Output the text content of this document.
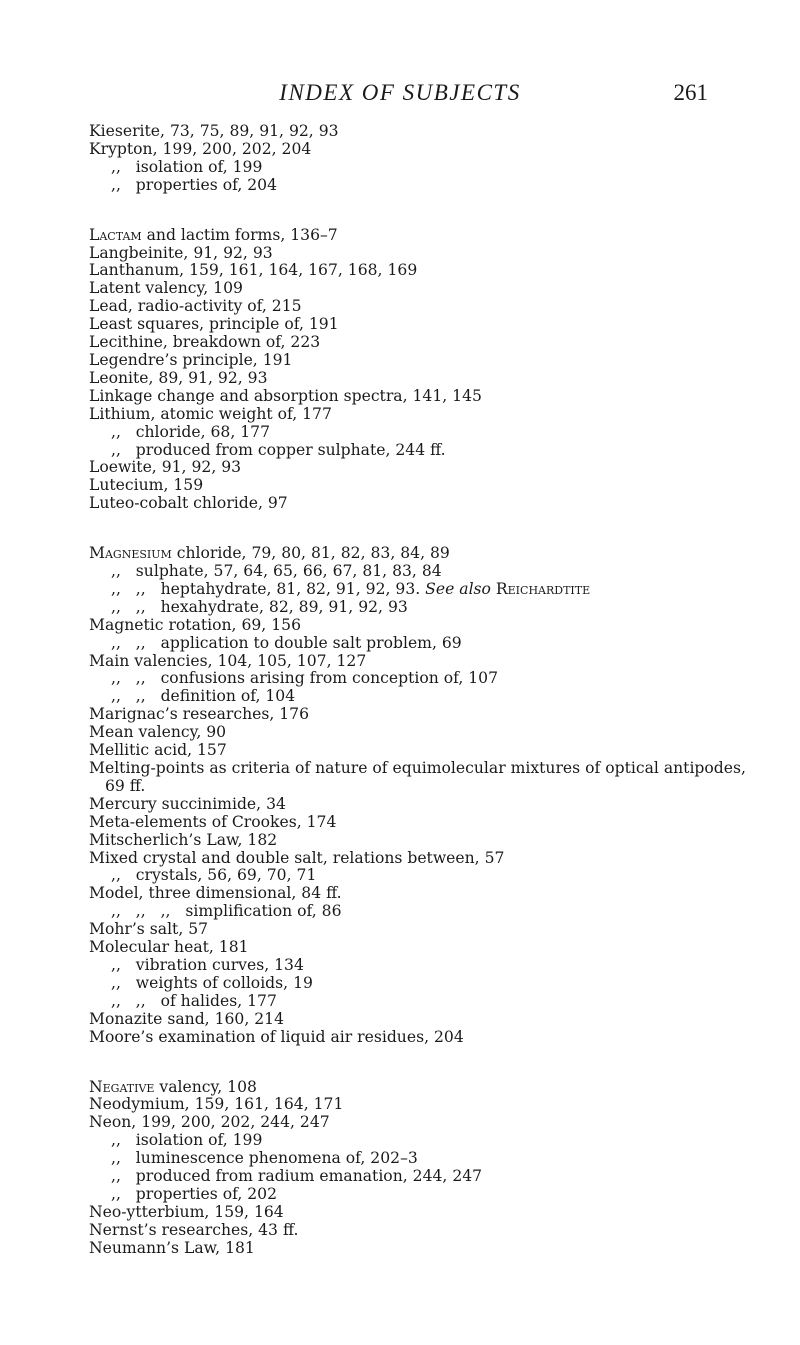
INDEX OF SUBJECTS	261
Kieserite, 73, 75, 89, 91, 92, 93
Krypton, 199, 200, 202, 204
,,   isolation of, 199
,,   properties of, 204
Lactam and lactim forms, 136–7
Langbeinite, 91, 92, 93
Lanthanum, 159, 161, 164, 167, 168, 169
Latent valency, 109
Lead, radio-activity of, 215
Least squares, principle of, 191
Lecithine, breakdown of, 223
Legendre’s principle, 191
Leonite, 89, 91, 92, 93
Linkage change and absorption spectra, 141, 145
Lithium, atomic weight of, 177
,,   chloride, 68, 177
,,   produced from copper sulphate, 244 ff.
Loewite, 91, 92, 93
Lutecium, 159
Luteo-cobalt chloride, 97
Magnesium chloride, 79, 80, 81, 82, 83, 84, 89
,,   sulphate, 57, 64, 65, 66, 67, 81, 83, 84
,,   ,,   heptahydrate, 81, 82, 91, 92, 93. See also Reichardtite
,,   ,,   hexahydrate, 82, 89, 91, 92, 93
Magnetic rotation, 69, 156
,,   ,,   application to double salt problem, 69
Main valencies, 104, 105, 107, 127
,,   ,,   confusions arising from conception of, 107
,,   ,,   definition of, 104
Marignac’s researches, 176
Mean valency, 90
Mellitic acid, 157
Melting-points as criteria of nature of equimolecular mixtures of optical antipodes, 69 ff.
Mercury succinimide, 34
Meta-elements of Crookes, 174
Mitscherlich’s Law, 182
Mixed crystal and double salt, relations between, 57
,,   crystals, 56, 69, 70, 71
Model, three dimensional, 84 ff.
,,   ,,   ,,   simplification of, 86
Mohr’s salt, 57
Molecular heat, 181
,,   vibration curves, 134
,,   weights of colloids, 19
,,   ,,   of halides, 177
Monazite sand, 160, 214
Moore’s examination of liquid air residues, 204
Negative valency, 108
Neodymium, 159, 161, 164, 171
Neon, 199, 200, 202, 244, 247
,,   isolation of, 199
,,   luminescence phenomena of, 202–3
,,   produced from radium emanation, 244, 247
,,   properties of, 202
Neo-ytterbium, 159, 164
Nernst’s researches, 43 ff.
Neumann’s Law, 181
